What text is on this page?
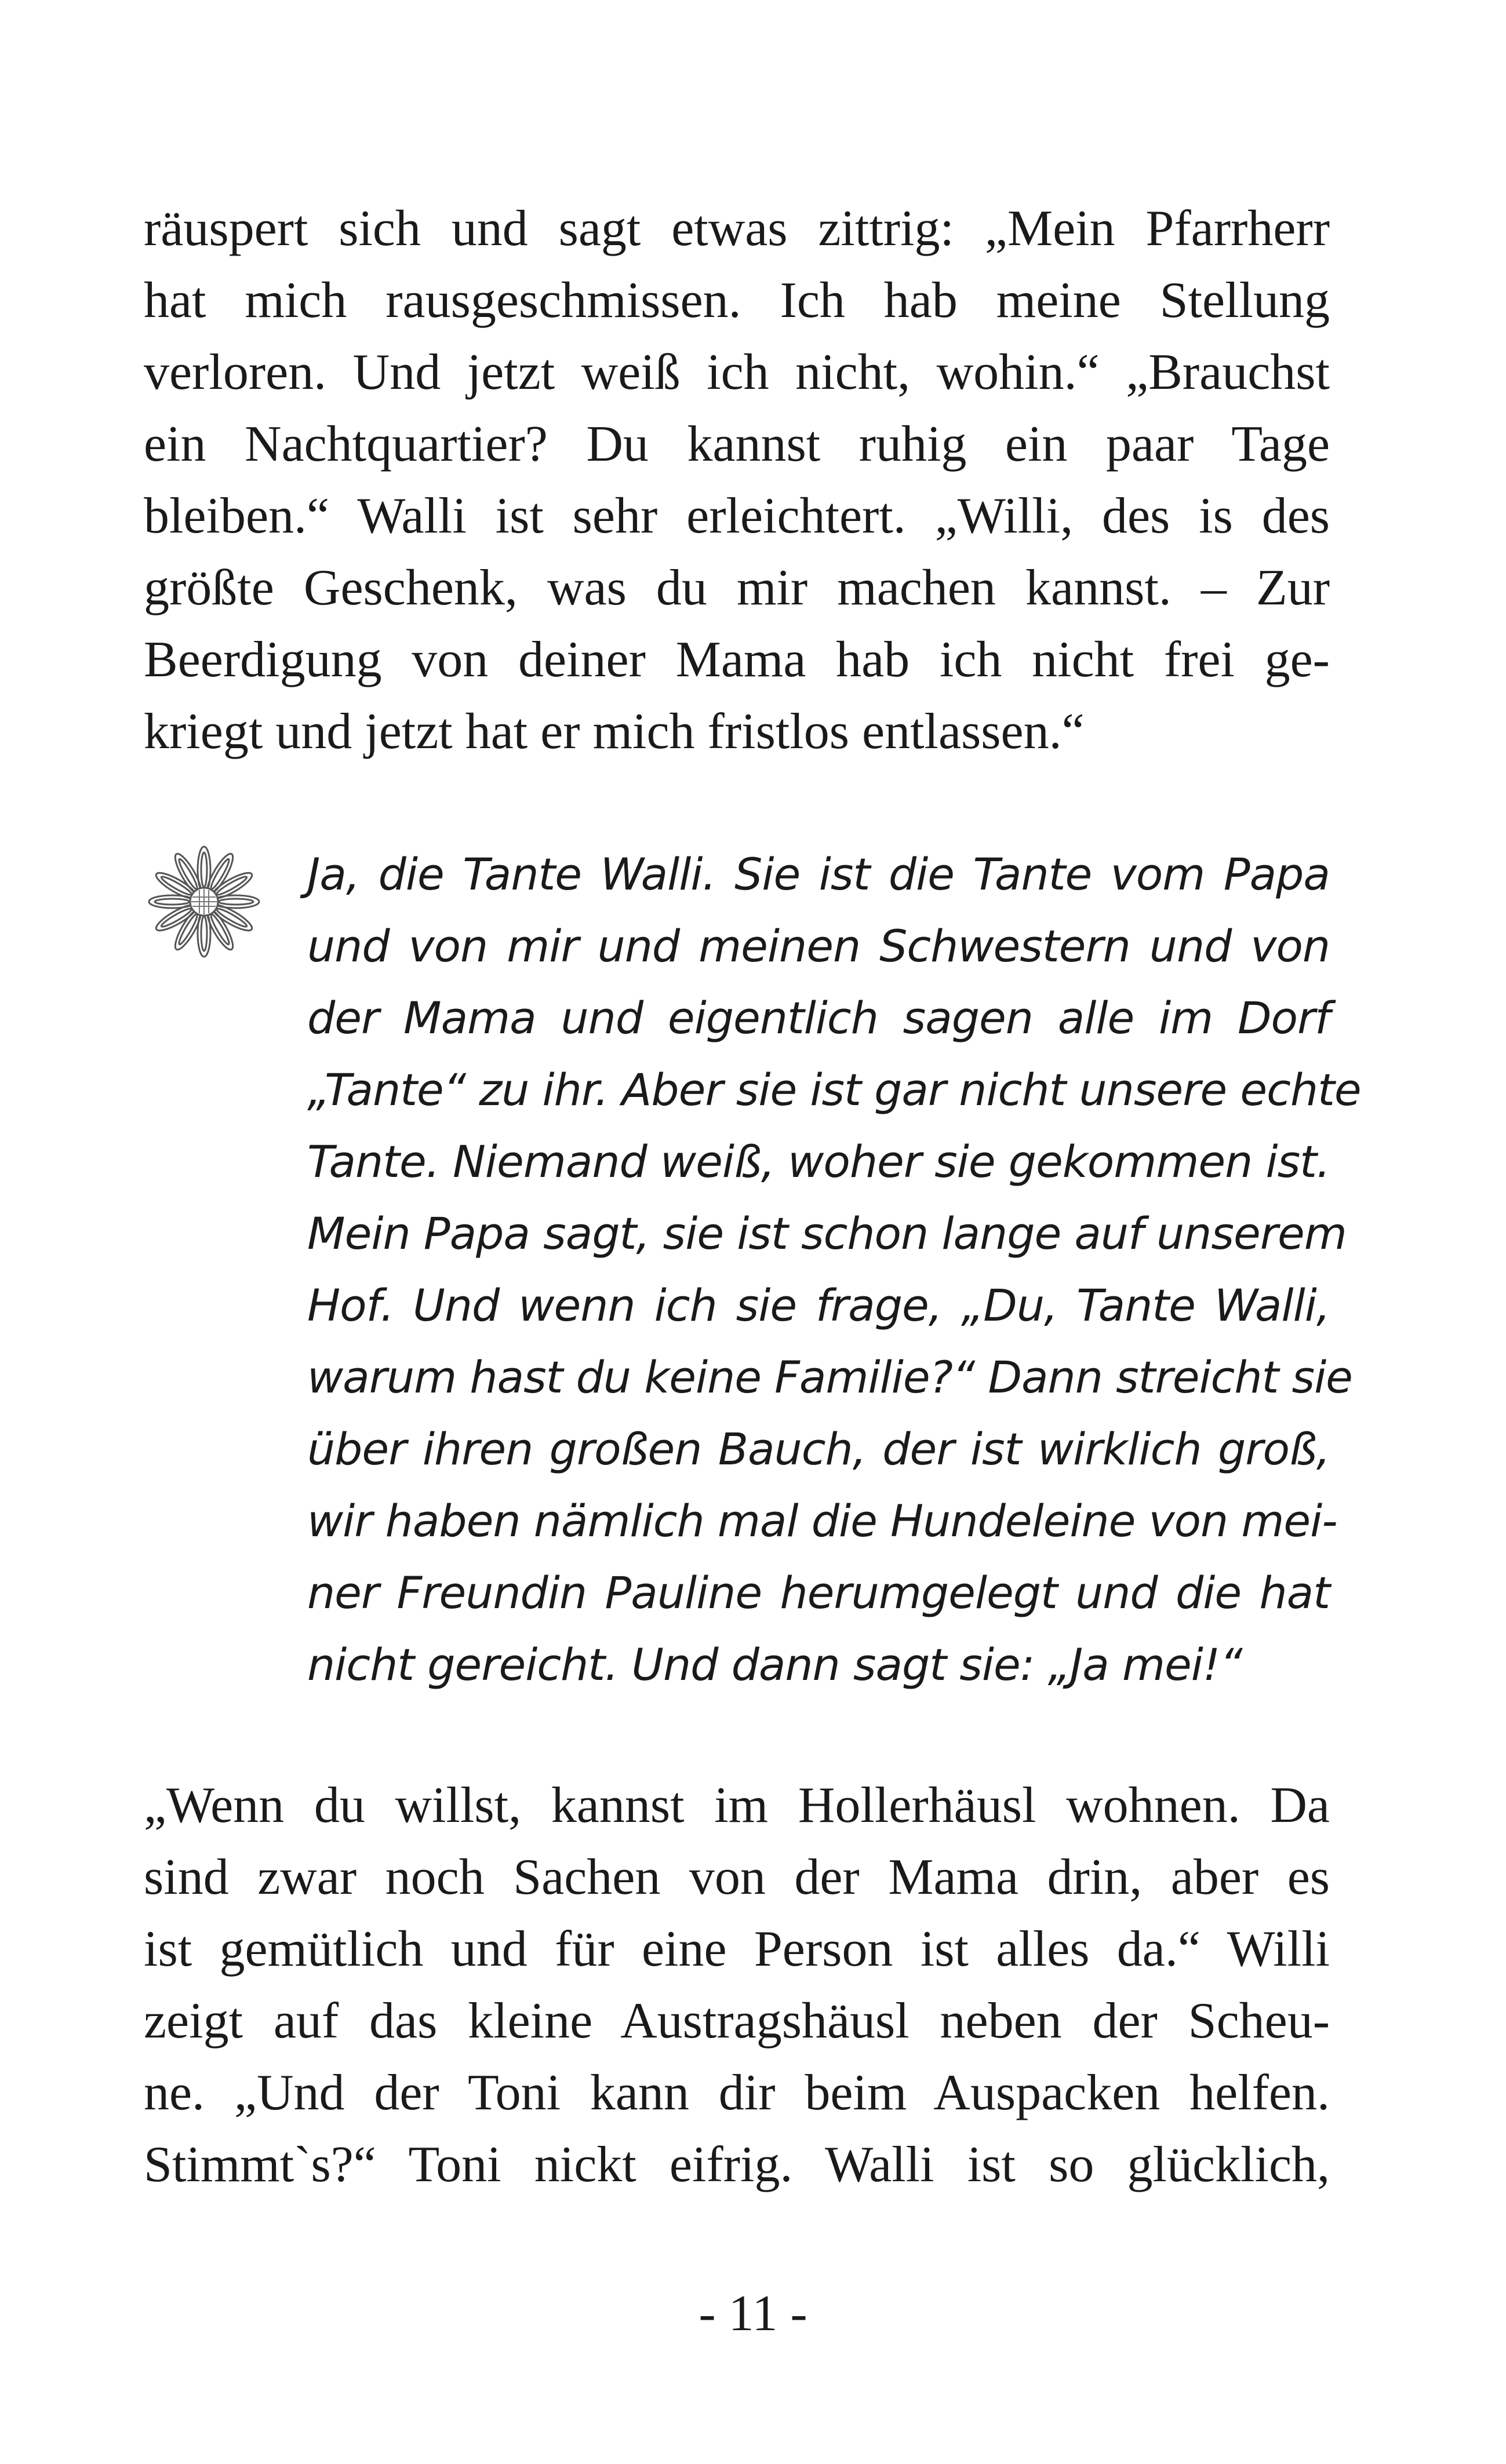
räuspert sich und sagt etwas zittrig: „Mein Pfarrherr
hat mich rausgeschmissen. Ich hab meine Stellung
verloren. Und jetzt weiß ich nicht, wohin.“ „Brauchst
ein Nachtquartier? Du kannst ruhig ein paar Tage
bleiben.“ Walli ist sehr erleichtert. „Willi, des is des
größte Geschenk, was du mir machen kannst. – Zur
Beerdigung von deiner Mama hab ich nicht frei ge-
kriegt und jetzt hat er mich fristlos entlassen.“

Ja, die Tante Walli. Sie ist die Tante vom Papa
und von mir und meinen Schwestern und von
der Mama und eigentlich sagen alle im Dorf
„Tante“ zu ihr. Aber sie ist gar nicht unsere echte
Tante. Niemand weiß, woher sie gekommen ist.
Mein Papa sagt, sie ist schon lange auf unserem
Hof. Und wenn ich sie frage, „Du, Tante Walli,
warum hast du keine Familie?“ Dann streicht sie
über ihren großen Bauch, der ist wirklich groß,
wir haben nämlich mal die Hundeleine von mei-
ner Freundin Pauline herumgelegt und die hat
nicht gereicht. Und dann sagt sie: „Ja mei!“

„Wenn du willst, kannst im Hollerhäusl wohnen. Da
sind zwar noch Sachen von der Mama drin, aber es
ist gemütlich und für eine Person ist alles da.“ Willi
zeigt auf das kleine Austragshäusl neben der Scheu-
ne. „Und der Toni kann dir beim Auspacken helfen.
Stimmt`s?“ Toni nickt eifrig. Walli ist so glücklich,

- 11 -
